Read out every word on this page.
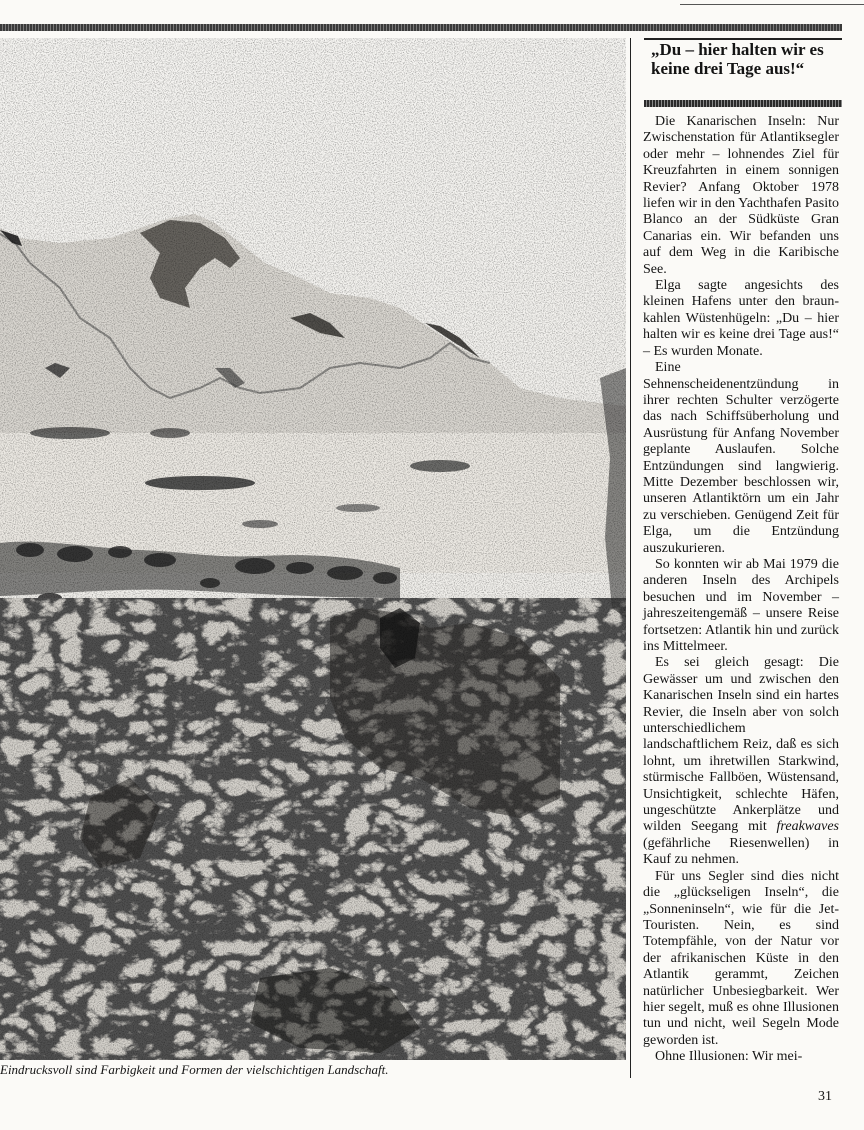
Eindrucksvoll sind Farbigkeit und Formen der vielschichtigen Landschaft.
„Du – hier halten wir es keine drei Tage aus!“

Die Kanarischen Inseln: Nur Zwischenstation für Atlantiksegler oder mehr – lohnendes Ziel für Kreuzfahrten in einem sonnigen Revier? Anfang Oktober 1978 liefen wir in den Yachthafen Pasito Blanco an der Südküste Gran Canarias ein. Wir befanden uns auf dem Weg in die Karibische See.

Elga sagte angesichts des kleinen Hafens unter den braun-kahlen Wüstenhügeln: „Du – hier halten wir es keine drei Tage aus!“ – Es wurden Monate.

Eine Sehnenscheidenentzündung in ihrer rechten Schulter verzögerte das nach Schiffsüberholung und Ausrüstung für Anfang November geplante Auslaufen. Solche Entzündungen sind langwierig. Mitte Dezember beschlossen wir, unseren Atlantiktörn um ein Jahr zu verschieben. Genügend Zeit für Elga, um die Entzündung auszukurieren.

So konnten wir ab Mai 1979 die anderen Inseln des Archipels besuchen und im November – jahreszeitengemäß – unsere Reise fortsetzen: Atlantik hin und zurück ins Mittelmeer.

Es sei gleich gesagt: Die Gewässer um und zwischen den Kanarischen Inseln sind ein hartes Revier, die Inseln aber von solch unterschiedlichem landschaftlichem Reiz, daß es sich lohnt, um ihretwillen Starkwind, stürmische Fallböen, Wüstensand, Unsichtigkeit, schlechte Häfen, ungeschützte Ankerplätze und wilden Seegang mit freakwaves (gefährliche Riesenwellen) in Kauf zu nehmen.

Für uns Segler sind dies nicht die „glückseligen Inseln“, die „Sonneninseln“, wie für die Jet-Touristen. Nein, es sind Totempfähle, von der Natur vor der afrikanischen Küste in den Atlantik gerammt, Zeichen natürlicher Unbesiegbarkeit. Wer hier segelt, muß es ohne Illusionen tun und nicht, weil Segeln Mode geworden ist.

Ohne Illusionen: Wir mei-

31
